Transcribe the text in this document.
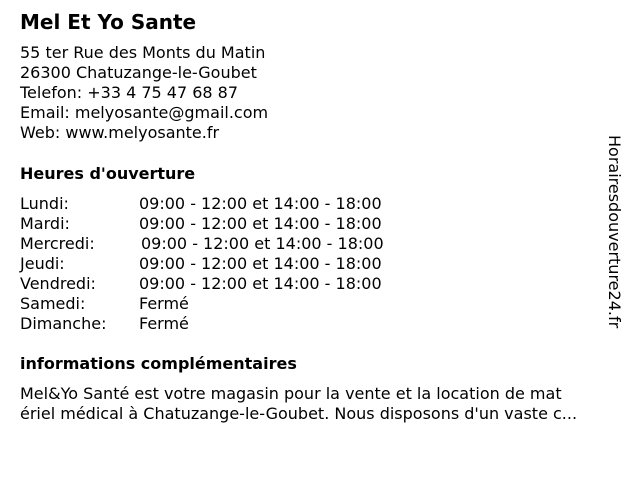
Mel Et Yo Sante
55 ter Rue des Monts du Matin
26300 Chatuzange-le-Goubet
Telefon: +33 4 75 47 68 87
Email: melyosante@gmail.com
Web: www.melyosante.fr
Heures d'ouverture
Lundi:	09:00 - 12:00 et 14:00 - 18:00
Mardi:	09:00 - 12:00 et 14:00 - 18:00
Mercredi:	09:00 - 12:00 et 14:00 - 18:00
Jeudi:	09:00 - 12:00 et 14:00 - 18:00
Vendredi:	09:00 - 12:00 et 14:00 - 18:00
Samedi:	Fermé
Dimanche: Fermé
informations complémentaires
Mel&Yo Santé est votre magasin pour la vente et la location de mat
ériel médical à Chatuzange-le-Goubet. Nous disposons d'un vaste c...
Horairesdouverture24.fr
